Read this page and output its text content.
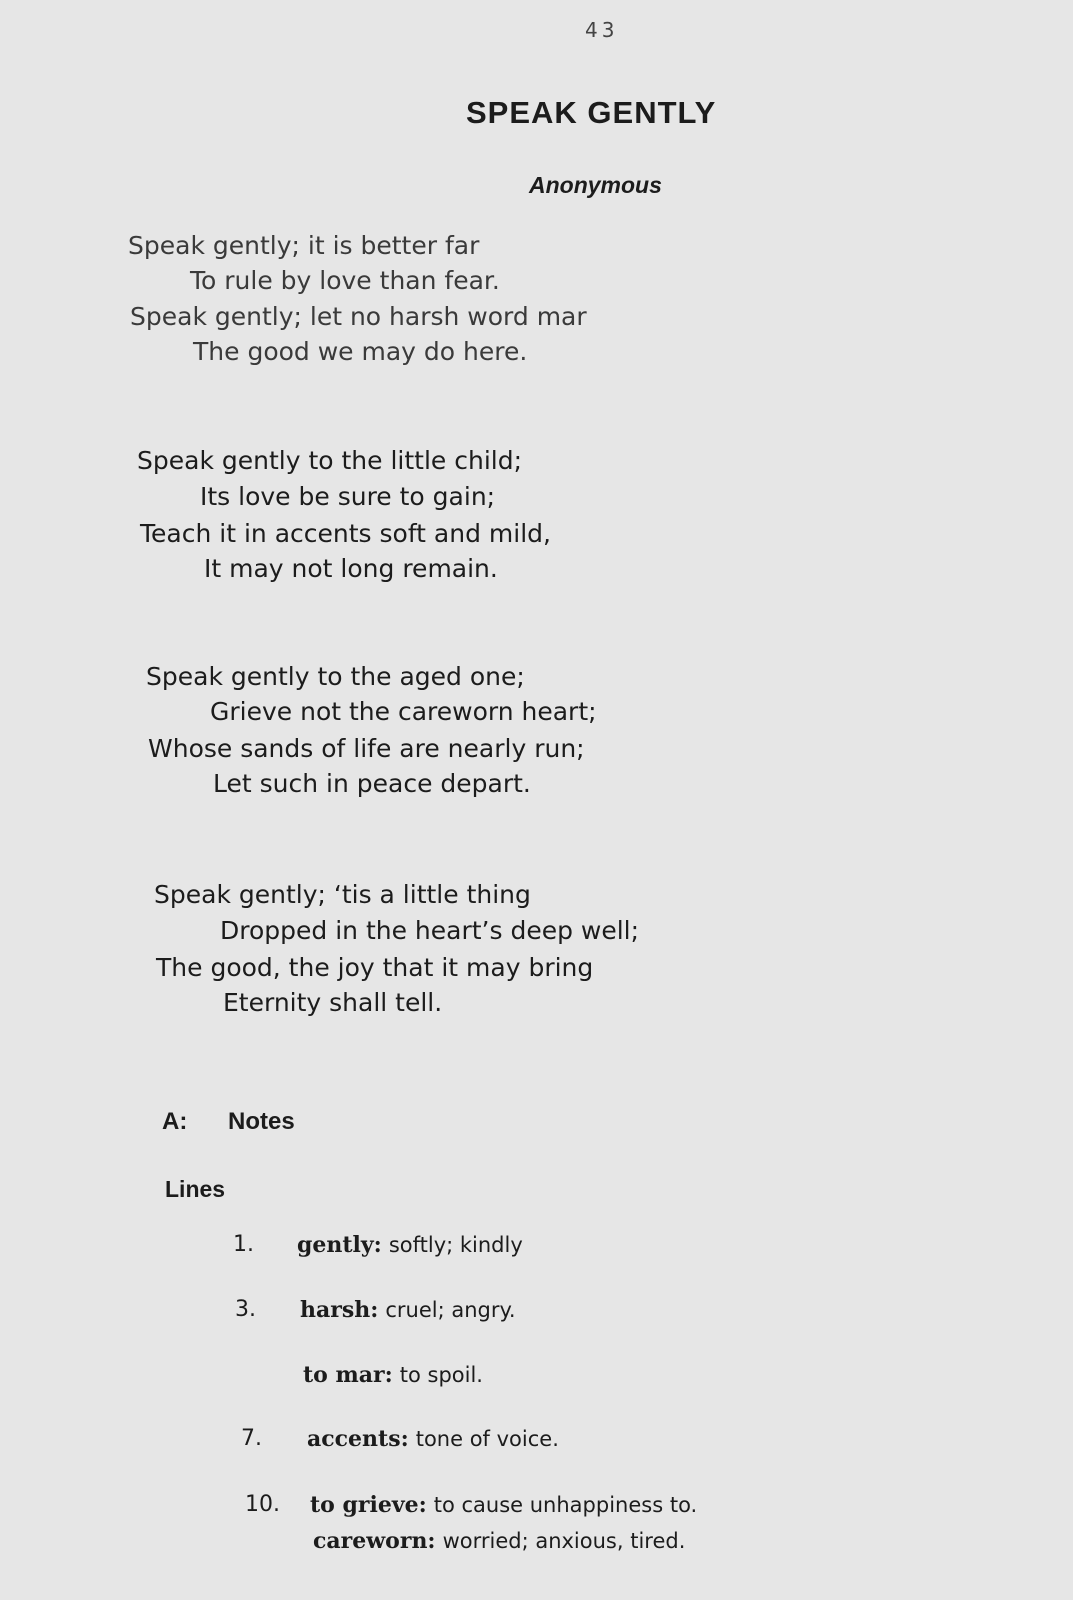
43
SPEAK GENTLY
Anonymous

Speak gently; it is better far

To rule by love than fear.

Speak gently; let no harsh word mar

The good we may do here.

Speak gently to the little child;

Its love be sure to gain;

Teach it in accents soft and mild,

It may not long remain.

Speak gently to the aged one;

Grieve not the careworn heart;

Whose sands of life are nearly run;

Let such in peace depart.

Speak gently; ‘tis a little thing

Dropped in the heart’s deep well;

The good, the joy that it may bring

Eternity shall tell.

A: Notes
Lines
1. gently: softly; kindly
3. harsh: cruel; angry.
to mar: to spoil.
7. accents: tone of voice.
10. to grieve: to cause unhappiness to.
careworn: worried; anxious, tired.
